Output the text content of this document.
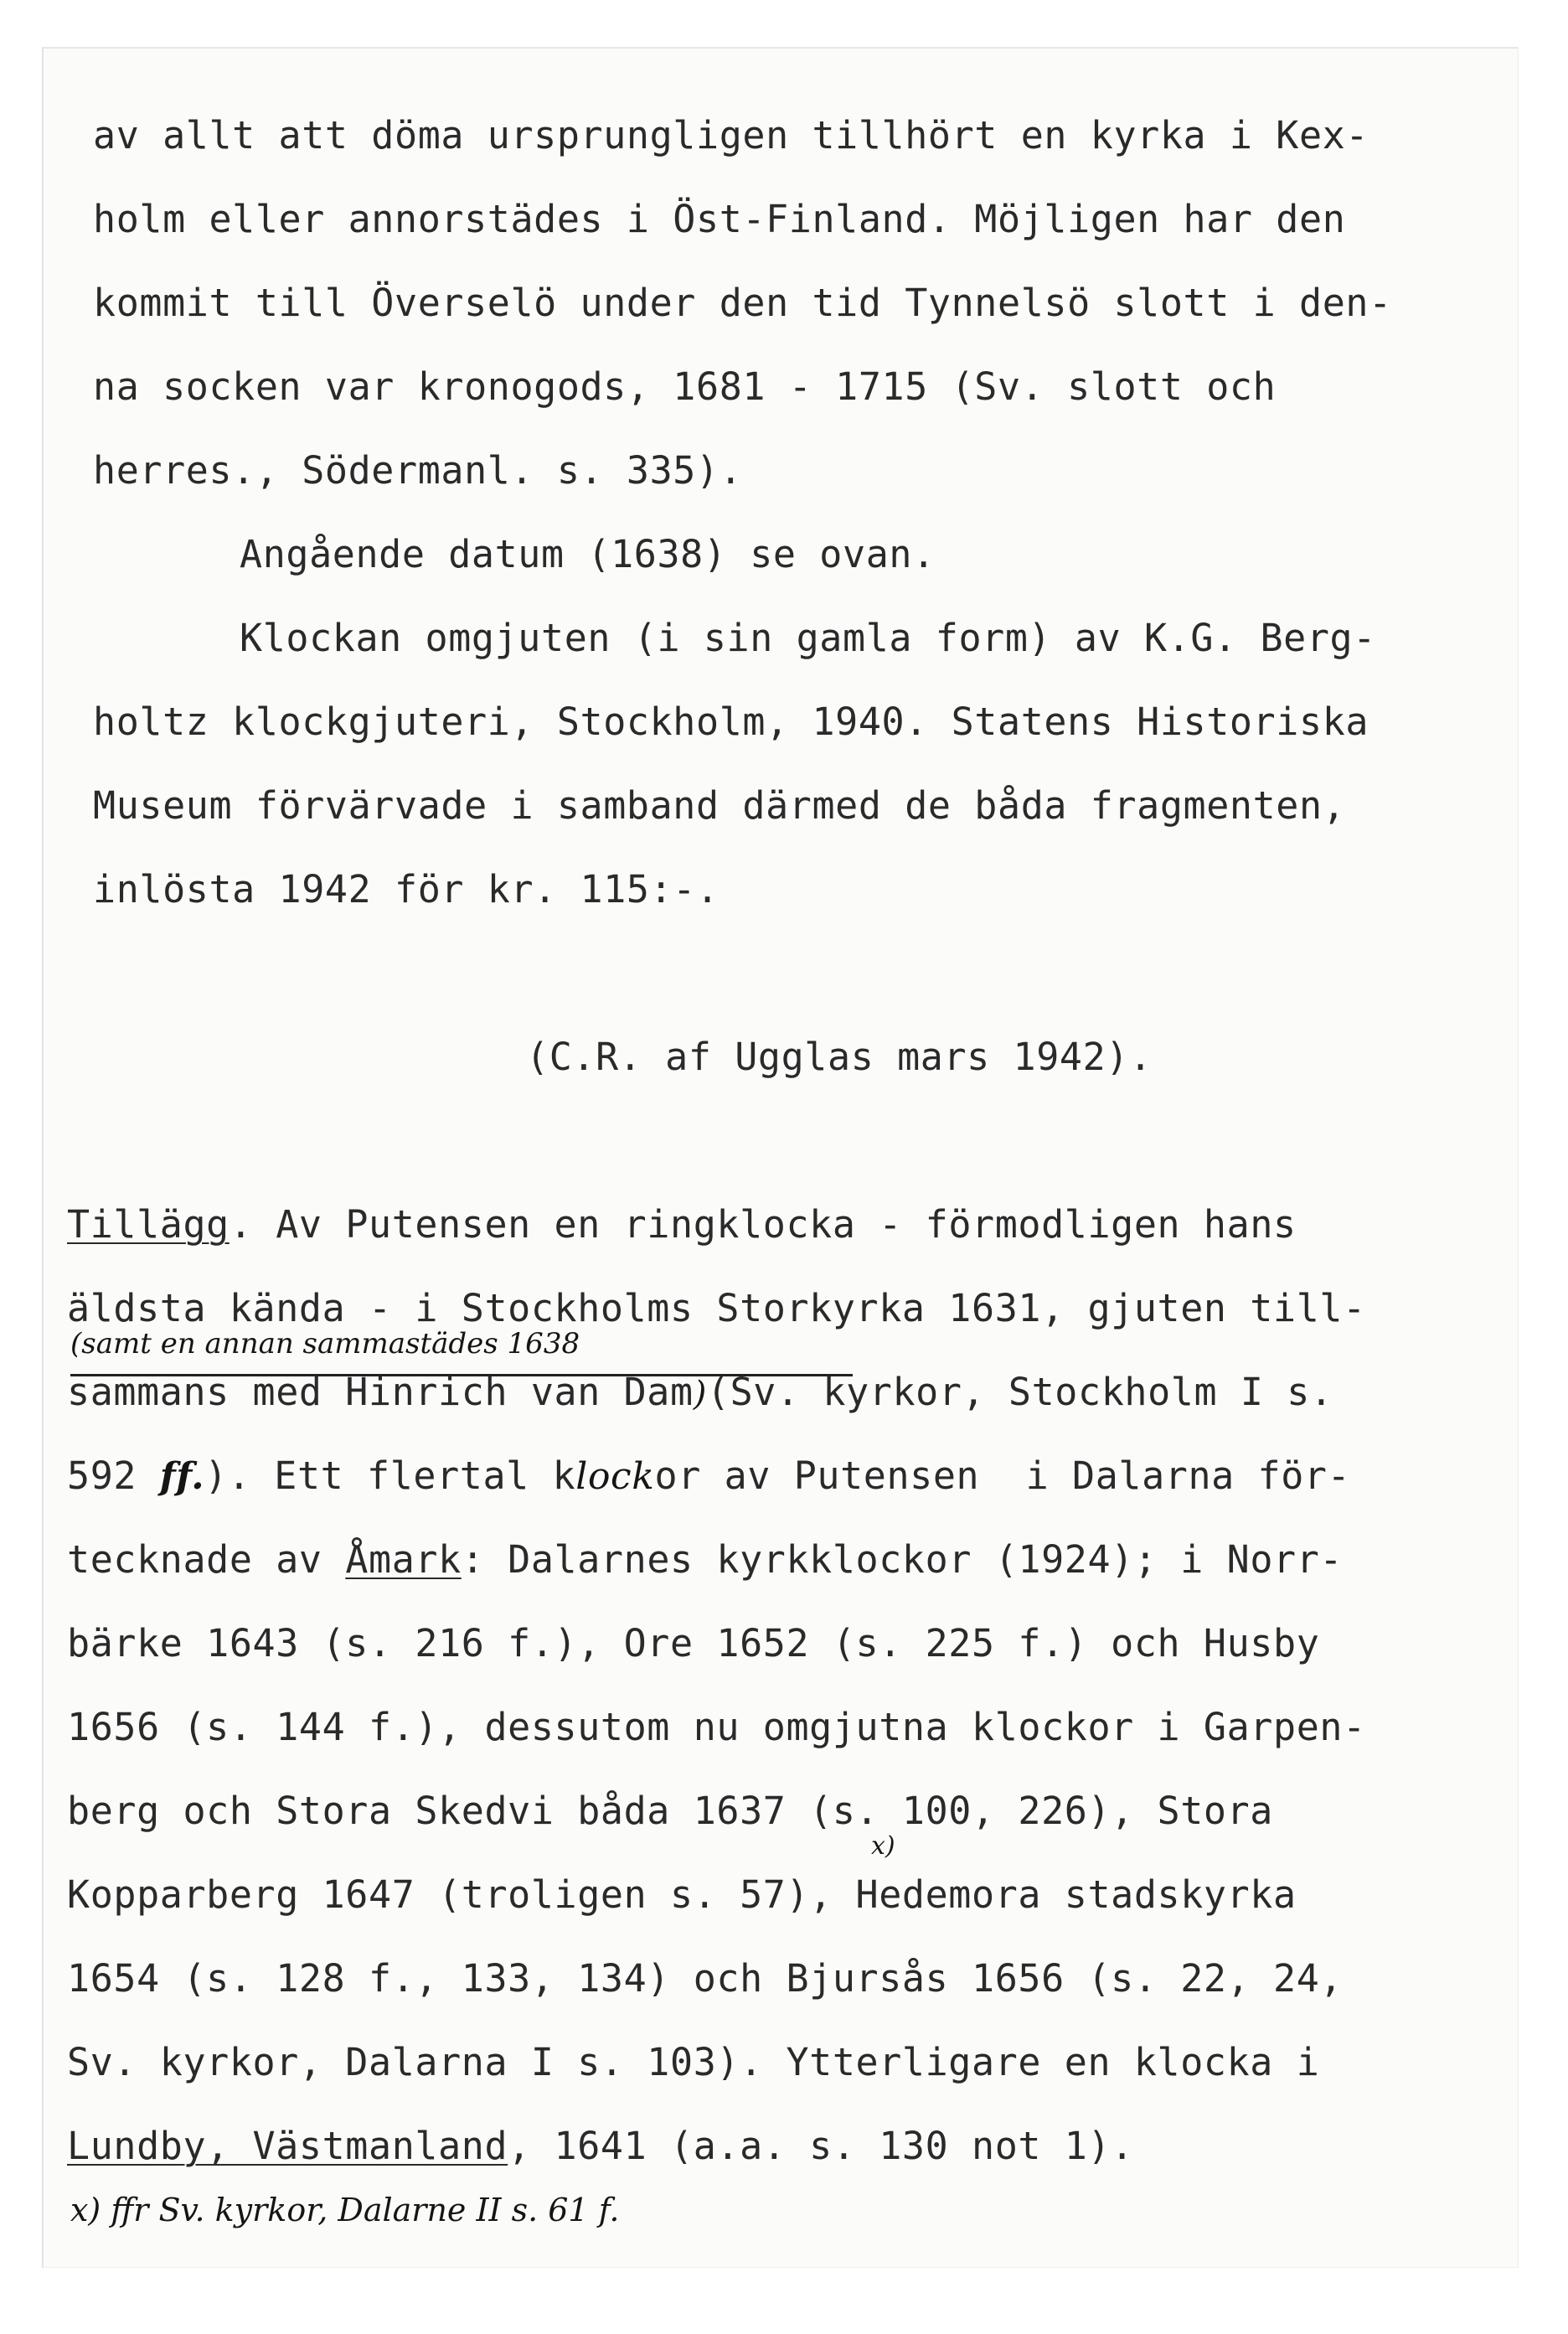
av allt att döma ursprungligen tillhört en kyrka i Kex-
holm eller annorstädes i Öst-Finland. Möjligen har den
kommit till Överselö under den tid Tynnelsö slott i den-
na socken var kronogods, 1681 - 1715 (Sv. slott och
herres., Södermanl. s. 335).
Angående datum (1638) se ovan.
Klockan omgjuten (i sin gamla form) av K.G. Berg-
holtz klockgjuteri, Stockholm, 1940. Statens Historiska
Museum förvärvade i samband därmed de båda fragmenten,
inlösta 1942 för kr. 115:-.
(C.R. af Ugglas mars 1942).
Tillägg. Av Putensen en ringklocka - förmodligen hans
äldsta kända - i Stockholms Storkyrka 1631, gjuten till-
(samt en annan sammastädes 1638
sammans med Hinrich van Dam)(Sv. kyrkor, Stockholm I s.
592 ff.). Ett flertal klockor av Putensen  i Dalarna för-
tecknade av Åmark: Dalarnes kyrkklockor (1924); i Norr-
bärke 1643 (s. 216 f.), Ore 1652 (s. 225 f.) och Husby
1656 (s. 144 f.), dessutom nu omgjutna klockor i Garpen-
berg och Stora Skedvi båda 1637 (s. 100, 226), Stora
x)
Kopparberg 1647 (troligen s. 57), Hedemora stadskyrka
1654 (s. 128 f., 133, 134) och Bjursås 1656 (s. 22, 24,
Sv. kyrkor, Dalarna I s. 103). Ytterligare en klocka i
Lundby, Västmanland, 1641 (a.a. s. 130 not 1).
x) ffr Sv. kyrkor, Dalarne II s. 61 f.
